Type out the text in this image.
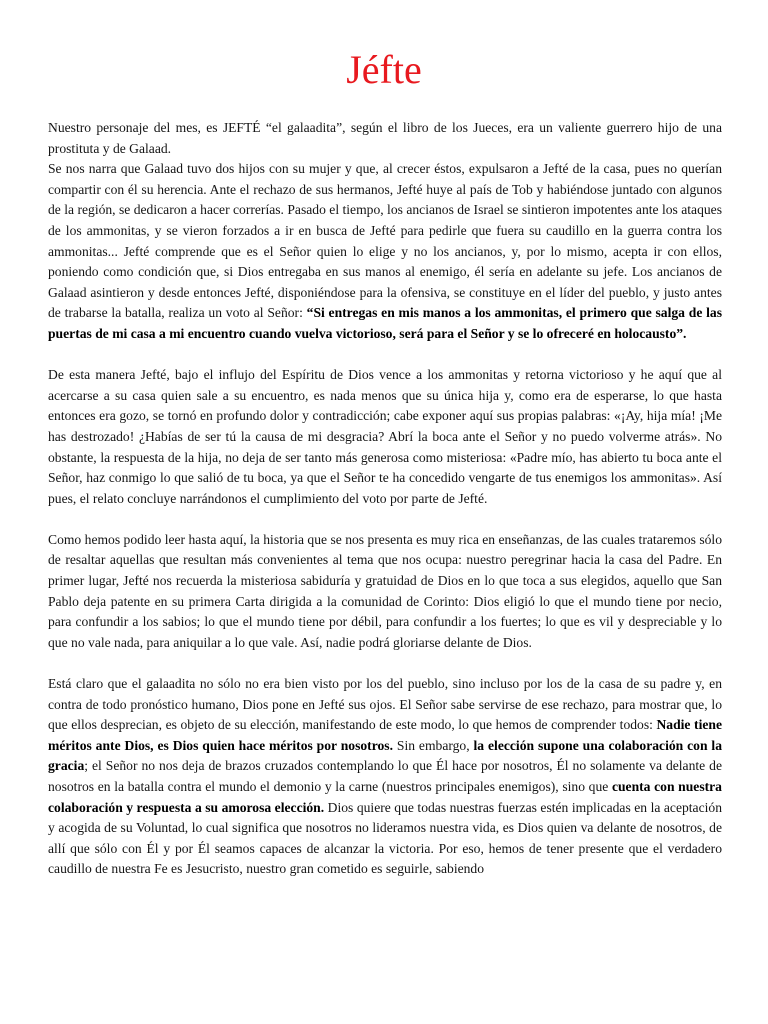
Jéfte

Nuestro personaje del mes, es JEFTÉ “el galaadita”, según el libro de los Jueces, era un valiente guerrero hijo de una prostituta y de Galaad.

Se nos narra que Galaad tuvo dos hijos con su mujer y que, al crecer éstos, expulsaron a Jefté de la casa, pues no querían compartir con él su herencia. Ante el rechazo de sus hermanos, Jefté huye al país de Tob y habiéndose juntado con algunos de la región, se dedicaron a hacer correrías. Pasado el tiempo, los ancianos de Israel se sintieron impotentes ante los ataques de los ammonitas, y se vieron forzados a ir en busca de Jefté para pedirle que fuera su caudillo en la guerra contra los ammonitas... Jefté comprende que es el Señor quien lo elige y no los ancianos, y, por lo mismo, acepta ir con ellos, poniendo como condición que, si Dios entregaba en sus manos al enemigo, él sería en adelante su jefe. Los ancianos de Galaad asintieron y desde entonces Jefté, disponiéndose para la ofensiva, se constituye en el líder del pueblo, y justo antes de trabarse la batalla, realiza un voto al Señor: “Si entregas en mis manos a los ammonitas, el primero que salga de las puertas de mi casa a mi encuentro cuando vuelva victorioso, será para el Señor y se lo ofreceré en holocausto”.

De esta manera Jefté, bajo el influjo del Espíritu de Dios vence a los ammonitas y retorna victorioso y he aquí que al acercarse a su casa quien sale a su encuentro, es nada menos que su única hija y, como era de esperarse, lo que hasta entonces era gozo, se tornó en profundo dolor y contradicción; cabe exponer aquí sus propias palabras: «¡Ay, hija mía! ¡Me has destrozado! ¿Habías de ser tú la causa de mi desgracia? Abrí la boca ante el Señor y no puedo volverme atrás». No obstante, la respuesta de la hija, no deja de ser tanto más generosa como misteriosa: «Padre mío, has abierto tu boca ante el Señor, haz conmigo lo que salió de tu boca, ya que el Señor te ha concedido vengarte de tus enemigos los ammonitas». Así pues, el relato concluye narrándonos el cumplimiento del voto por parte de Jefté.

Como hemos podido leer hasta aquí, la historia que se nos presenta es muy rica en enseñanzas, de las cuales trataremos sólo de resaltar aquellas que resultan más convenientes al tema que nos ocupa: nuestro peregrinar hacia la casa del Padre. En primer lugar, Jefté nos recuerda la misteriosa sabiduría y gratuidad de Dios en lo que toca a sus elegidos, aquello que San Pablo deja patente en su primera Carta dirigida a la comunidad de Corinto: Dios eligió lo que el mundo tiene por necio, para confundir a los sabios; lo que el mundo tiene por débil, para confundir a los fuertes; lo que es vil y despreciable y lo que no vale nada, para aniquilar a lo que vale. Así, nadie podrá gloriarse delante de Dios.

Está claro que el galaadita no sólo no era bien visto por los del pueblo, sino incluso por los de la casa de su padre y, en contra de todo pronóstico humano, Dios pone en Jefté sus ojos. El Señor sabe servirse de ese rechazo, para mostrar que, lo que ellos desprecian, es objeto de su elección, manifestando de este modo, lo que hemos de comprender todos: Nadie tiene méritos ante Dios, es Dios quien hace méritos por nosotros. Sin embargo, la elección supone una colaboración con la gracia; el Señor no nos deja de brazos cruzados contemplando lo que Él hace por nosotros, Él no solamente va delante de nosotros en la batalla contra el mundo el demonio y la carne (nuestros principales enemigos), sino que cuenta con nuestra colaboración y respuesta a su amorosa elección. Dios quiere que todas nuestras fuerzas estén implicadas en la aceptación y acogida de su Voluntad, lo cual significa que nosotros no lideramos nuestra vida, es Dios quien va delante de nosotros, de allí que sólo con Él y por Él seamos capaces de alcanzar la victoria. Por eso, hemos de tener presente que el verdadero caudillo de nuestra Fe es Jesucristo, nuestro gran cometido es seguirle, sabiendo
